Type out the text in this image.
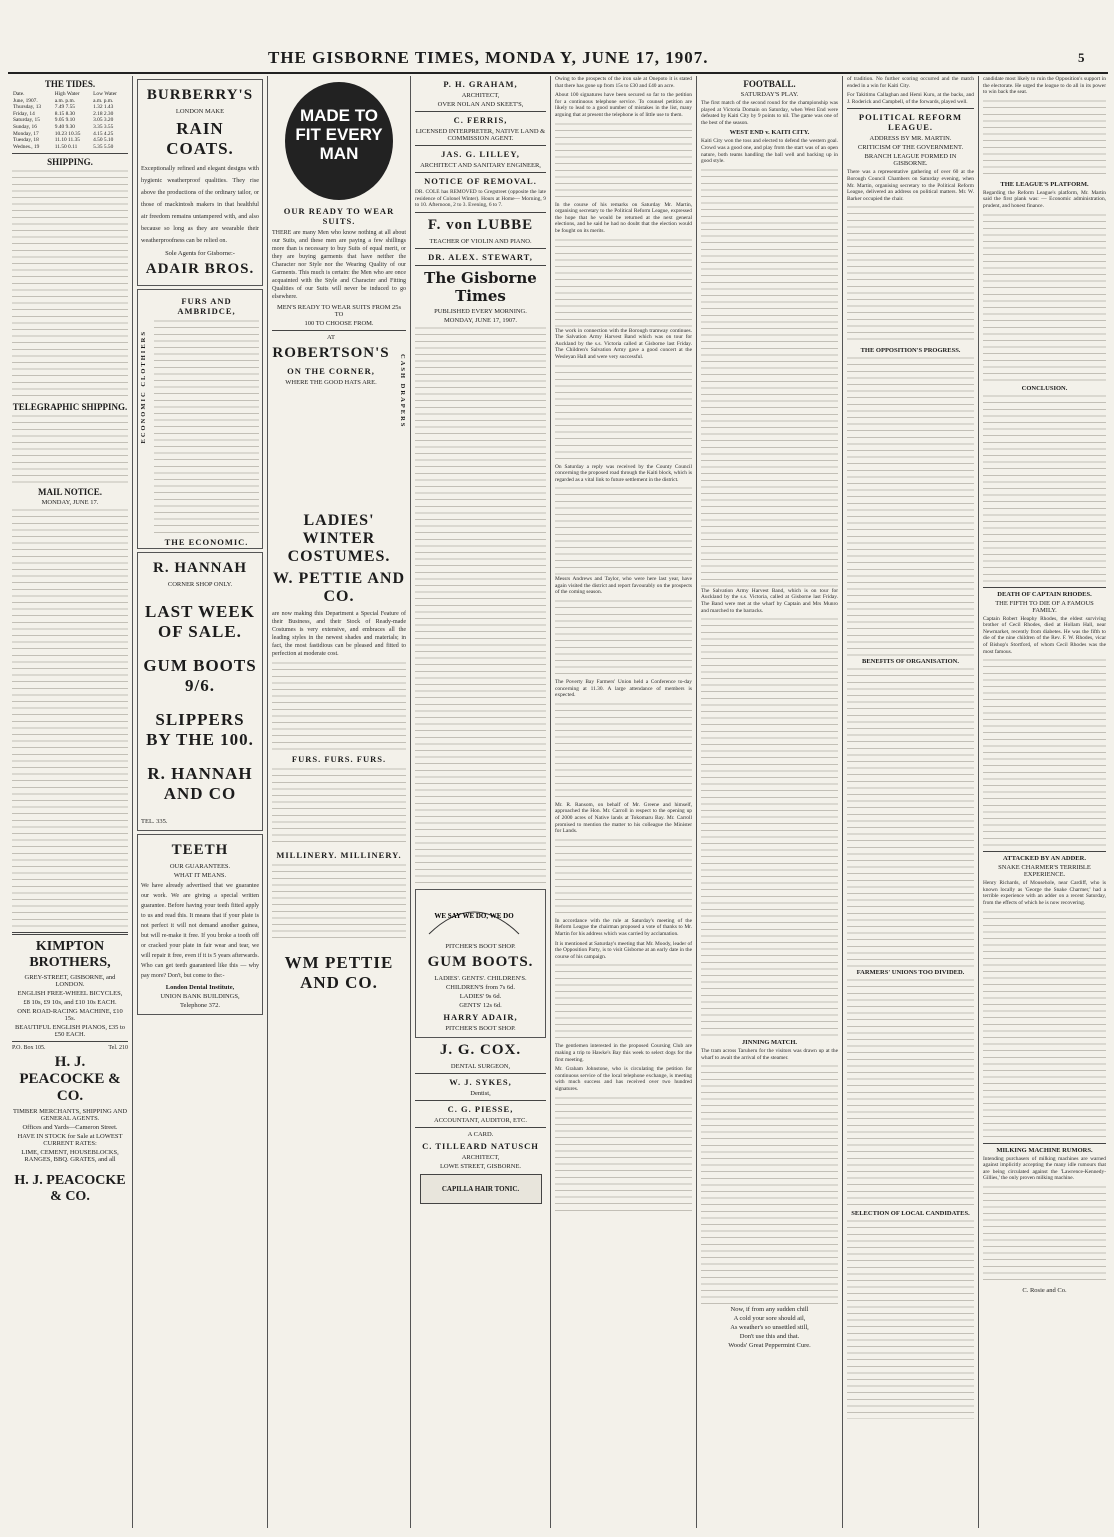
THE GISBORNE TIMES, MONDA Y, JUNE 17, 1907.	5
THE TIDES.
Date.	High Water	Low Water
June, 1907.	a.m. p.m.	a.m. p.m.
Thursday, 13	7.49 7.55	1.32 1.43
Friday, 14	8.15 8.30	2.18 2.30
Saturday, 15	9.05 9.10	3.05 3.20
Sunday, 16	9.40 9.30	3.35 3.55
Monday, 17	10.23 10.35	4.15 4.25
Tuesday, 18	11.10 11.35	4.50 5.10
Wednes., 19	11.50 0.11	5.35 5.50
SHIPPING.
TELEGRAPHIC SHIPPING.
MAIL NOTICE.
MONDAY, JUNE 17.
KIMPTON BROTHERS,
GREY-STREET, GISBORNE, and LONDON.
ENGLISH FREE-WHEEL BICYCLES,
£8 10s, £9 10s, and £10 10s EACH.
ONE ROAD-RACING MACHINE, £10 15s.
BEAUTIFUL ENGLISH PIANOS, £35 to £50 EACH.
P.O. Box 105.	Tel. 210
H. J. PEACOCKE & CO.
TIMBER MERCHANTS, SHIPPING AND GENERAL AGENTS.
Offices and Yards—Cameron Street.
HAVE IN STOCK for Sale at LOWEST CURRENT RATES:
LIME, CEMENT, HOUSEBLOCKS, RANGES, BBQ. GRATES, and all
H. J. PEACOCKE & CO.
BURBERRY'S
LONDON MAKE
RAIN COATS.

Exceptionally refined and elegant designs with hygienic weatherproof qualities. They rise above the productions of the ordinary tailor, or those of mackintosh makers in that healthful air freedom remains untampered with, and also because so long as they are wearable their weatherproofness can be relied on.

Sole Agents for Gisborne:-
ADAIR BROS.
ECONOMIC CLOTHIERS
FURS AND AMBRIDCE,
THE ECONOMIC.
R. HANNAH
CORNER SHOP ONLY.
LAST WEEK OF SALE.
GUM BOOTS 9/6.
SLIPPERS BY THE 100.
R. HANNAH AND CO
TEL. 335.
TEETH
OUR GUARANTEES.
WHAT IT MEANS.

We have already advertised that we guarantee our work. We are giving a special written guarantee. Before having your teeth fitted apply to us and read this. It means that if your plate is not perfect it will not demand another guinea, but will re-make it free. If you broke a tooth off or cracked your plate in fair wear and tear, we will repair it free, even if it is 5 years afterwards. Who can get teeth guaranteed like this — why pay more? Don't, but come to the:-

London Dental Institute,
UNION BANK BUILDINGS,
Telephone 372.
MADE TO FIT EVERY MAN
OUR READY TO WEAR SUITS.

THERE are many Men who know nothing at all about our Suits, and these men are paying a few shillings more than is necessary to buy Suits of equal merit, or they are buying garments that have neither the Character nor Style nor the Wearing Quality of our Garments. This much is certain: the Men who are once acquainted with the Style and Character and Fitting Qualities of our Suits will never be induced to go elsewhere.

MEN'S READY TO WEAR SUITS FROM 25s TO
100 TO CHOOSE FROM.
AT
ROBERTSON'S
ON THE CORNER,
WHERE THE GOOD HATS ARE.	CASH DRAPERS
LADIES' WINTER COSTUMES.
W. PETTIE AND CO.

are now making this Department a Special Feature of their Business, and their Stock of Ready-made Costumes is very extensive, and embraces all the leading styles in the newest shades and materials; in fact, the most fastidious can be pleased and fitted to perfection at moderate cost.

FURS. FURS. FURS.
MILLINERY. MILLINERY.
WM PETTIE AND CO.
P. H. GRAHAM,
ARCHITECT,
OVER NOLAN AND SKEET'S,
C. FERRIS,
LICENSED INTERPRETER, NATIVE LAND & COMMISSION AGENT.
JAS. G. LILLEY,
ARCHITECT AND SANITARY ENGINEER,
NOTICE OF REMOVAL.

DR. COLE has REMOVED to Gregstreet (opposite the late residence of Colonel Winter). Hours at Home— Morning, 9 to 10. Afternoon, 2 to 3. Evening, 6 to 7.

F. von LUBBE
TEACHER OF VIOLIN AND PIANO.
DR. ALEX. STEWART,
The Gisborne Times
PUBLISHED EVERY MORNING.
MONDAY, JUNE 17, 1907.
WE SAY WE DO, WE DO
PITCHER'S BOOT SHOP.
GUM BOOTS.
LADIES'. GENTS'. CHILDREN'S.
CHILDREN'S from 7s 6d.
LADIES' 9s 6d.
GENTS' 12s 6d.
HARRY ADAIR,
PITCHER'S BOOT SHOP.
J. G. COX.
DENTAL SURGEON,
W. J. SYKES,
Dentist,
C. G. PIESSE,
ACCOUNTANT, AUDITOR, ETC.
A CARD.
C. TILLEARD NATUSCH
ARCHITECT,
LOWE STREET, GISBORNE.
CAPILLA HAIR TONIC.

Owing to the prospects of the iron sale at Onepoto it is stated that there has gone up from 15s to £30 and £40 an acre.

About 100 signatures have been secured so far to the petition for a continuous telephone service. To counsel petition are likely to lead to a good number of mistakes in the list, many arguing that at present the telephone is of little use to them.

In the course of his remarks on Saturday Mr. Martin, organising secretary to the Political Reform League, expressed the hope that he would be returned at the next general elections, and he said he had no doubt that the election would be fought on its merits.

The work in connection with the Borough tramway continues. The Salvation Army Harvest Band which was on tour for Auckland by the s.s. Victoria called at Gisborne last Friday. The Children's Salvation Army gave a good concert at the Wesleyan Hall and were very successful.

On Saturday a reply was received by the County Council concerning the proposed road through the Kaiti block, which is regarded as a vital link to future settlement in the district.

Messrs Andrews and Taylor, who were here last year, have again visited the district and report favourably on the prospects of the coming season.

The Poverty Bay Farmers' Union held a Conference to-day concerning at 11.30. A large attendance of members is expected.

Mr. R. Ransom, on behalf of Mr. Greene and himself, approached the Hon. Mr. Carroll in respect to the opening up of 2000 acres of Native lands at Tokomaru Bay. Mr. Carroll promised to mention the matter to his colleague the Minister for Lands.

In accordance with the rule at Saturday's meeting of the Reform League the chairman proposed a vote of thanks to Mr. Martin for his address which was carried by acclamation.

It is mentioned at Saturday's meeting that Mr. Moody, leader of the Opposition Party, is to visit Gisborne at an early date in the course of his campaign.

The gentlemen interested in the proposed Coursing Club are making a trip to Hawke's Bay this week to select dogs for the first meeting.

Mr. Graham Johnstone, who is circulating the petition for continuous service of the local telephone exchange, is meeting with much success and has received over two hundred signatures.

FOOTBALL.
SATURDAY'S PLAY.

The first match of the second round for the championship was played at Victoria Domain on Saturday, when West End were defeated by Kaiti City by 9 points to nil. The game was one of the best of the season.

WEST END v. KAITI CITY.

Kaiti City won the toss and elected to defend the western goal. Crowd was a good one, and play from the start was of an open nature, both teams handling the ball well and backing up in good style.

The Salvation Army Harvest Band, which is on tour for Auckland by the s.s. Victoria, called at Gisborne last Friday. The Band were met at the wharf by Captain and Mrs Munro and marched to the barracks.

JINNING MATCH.

The tram across Taruheru for the visitors was drawn up at the wharf to await the arrival of the steamer.

Now, if from any sudden chill
A cold your sore should ail,
As weather's so unsettled still,
Don't use this and that.
Woods' Great Peppermint Cure.

of tradition. No further scoring occurred and the match ended in a win for Kaiti City.

For Takitimu Callaghan and Hemi Kuru, at the backs, and J. Roderick and Campbell, of the forwards, played well.

POLITICAL REFORM LEAGUE.
ADDRESS BY MR. MARTIN.
CRITICISM OF THE GOVERNMENT.
BRANCH LEAGUE FORMED IN GISBORNE.

There was a representative gathering of over 60 at the Borough Council Chambers on Saturday evening, when Mr. Martin, organising secretary to the Political Reform League, delivered an address on political matters. Mr. W. Barker occupied the chair.

THE OPPOSITION'S PROGRESS.
BENEFITS OF ORGANISATION.
FARMERS' UNIONS TOO DIVIDED.
SELECTION OF LOCAL CANDIDATES.

candidate most likely to ruin the Opposition's support in the electorate. He urged the league to do all in its power to win back the seat.

THE LEAGUE'S PLATFORM.

Regarding the Reform League's platform, Mr. Martin said the first plank was: — Economic administration, prudent, and honest finance.

CONCLUSION.
DEATH OF CAPTAIN RHODES.
THE FIFTH TO DIE OF A FAMOUS FAMILY.

Captain Robert Heaphy Rhodes, the eldest surviving brother of Cecil Rhodes, died at Hollam Hall, near Newmarket, recently from diabetes. He was the fifth to die of the nine children of the Rev. F. W. Rhodes, vicar of Bishop's Stortford, of whom Cecil Rhodes was the most famous.

ATTACKED BY AN ADDER.
SNAKE CHARMER'S TERRIBLE EXPERIENCE.

Henry Richards, of Mousehole, near Cardiff, who is known locally as 'George the Snake Charmer,' had a terrible experience with an adder on a recent Saturday, from the effects of which he is now recovering.

MILKING MACHINE RUMORS.

Intending purchasers of milking machines are warned against implicitly accepting the many idle rumours that are being circulated against the 'Lawrence-Kennedy-Gillies,' the only proven milking machine.

C. Rosie and Co.
